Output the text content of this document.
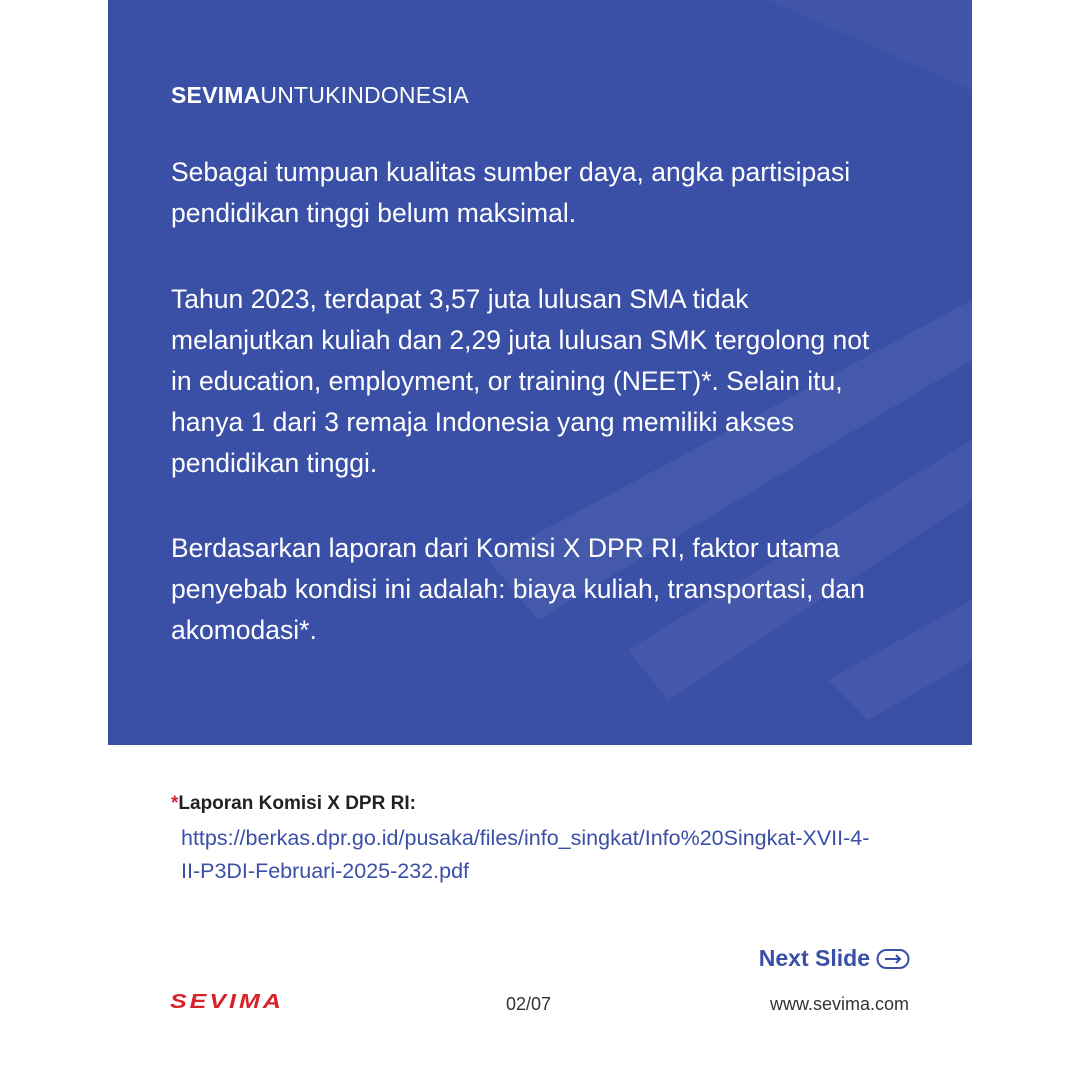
SEVIMAUNTUKINDONESIA

Sebagai tumpuan kualitas sumber daya, angka partisipasi pendidikan tinggi belum maksimal.

Tahun 2023, terdapat 3,57 juta lulusan SMA tidak melanjutkan kuliah dan 2,29 juta lulusan SMK tergolong not in education, employment, or training (NEET)*. Selain itu, hanya 1 dari 3 remaja Indonesia yang memiliki akses pendidikan tinggi.

Berdasarkan laporan dari Komisi X DPR RI, faktor utama penyebab kondisi ini adalah: biaya kuliah, transportasi, dan akomodasi*.

*Laporan Komisi X DPR RI:

https://berkas.dpr.go.id/pusaka/files/info_singkat/Info%20Singkat-XVII-4-II-P3DI-Februari-2025-232.pdf

Next Slide
SEVIMA	02/07	www.sevima.com
